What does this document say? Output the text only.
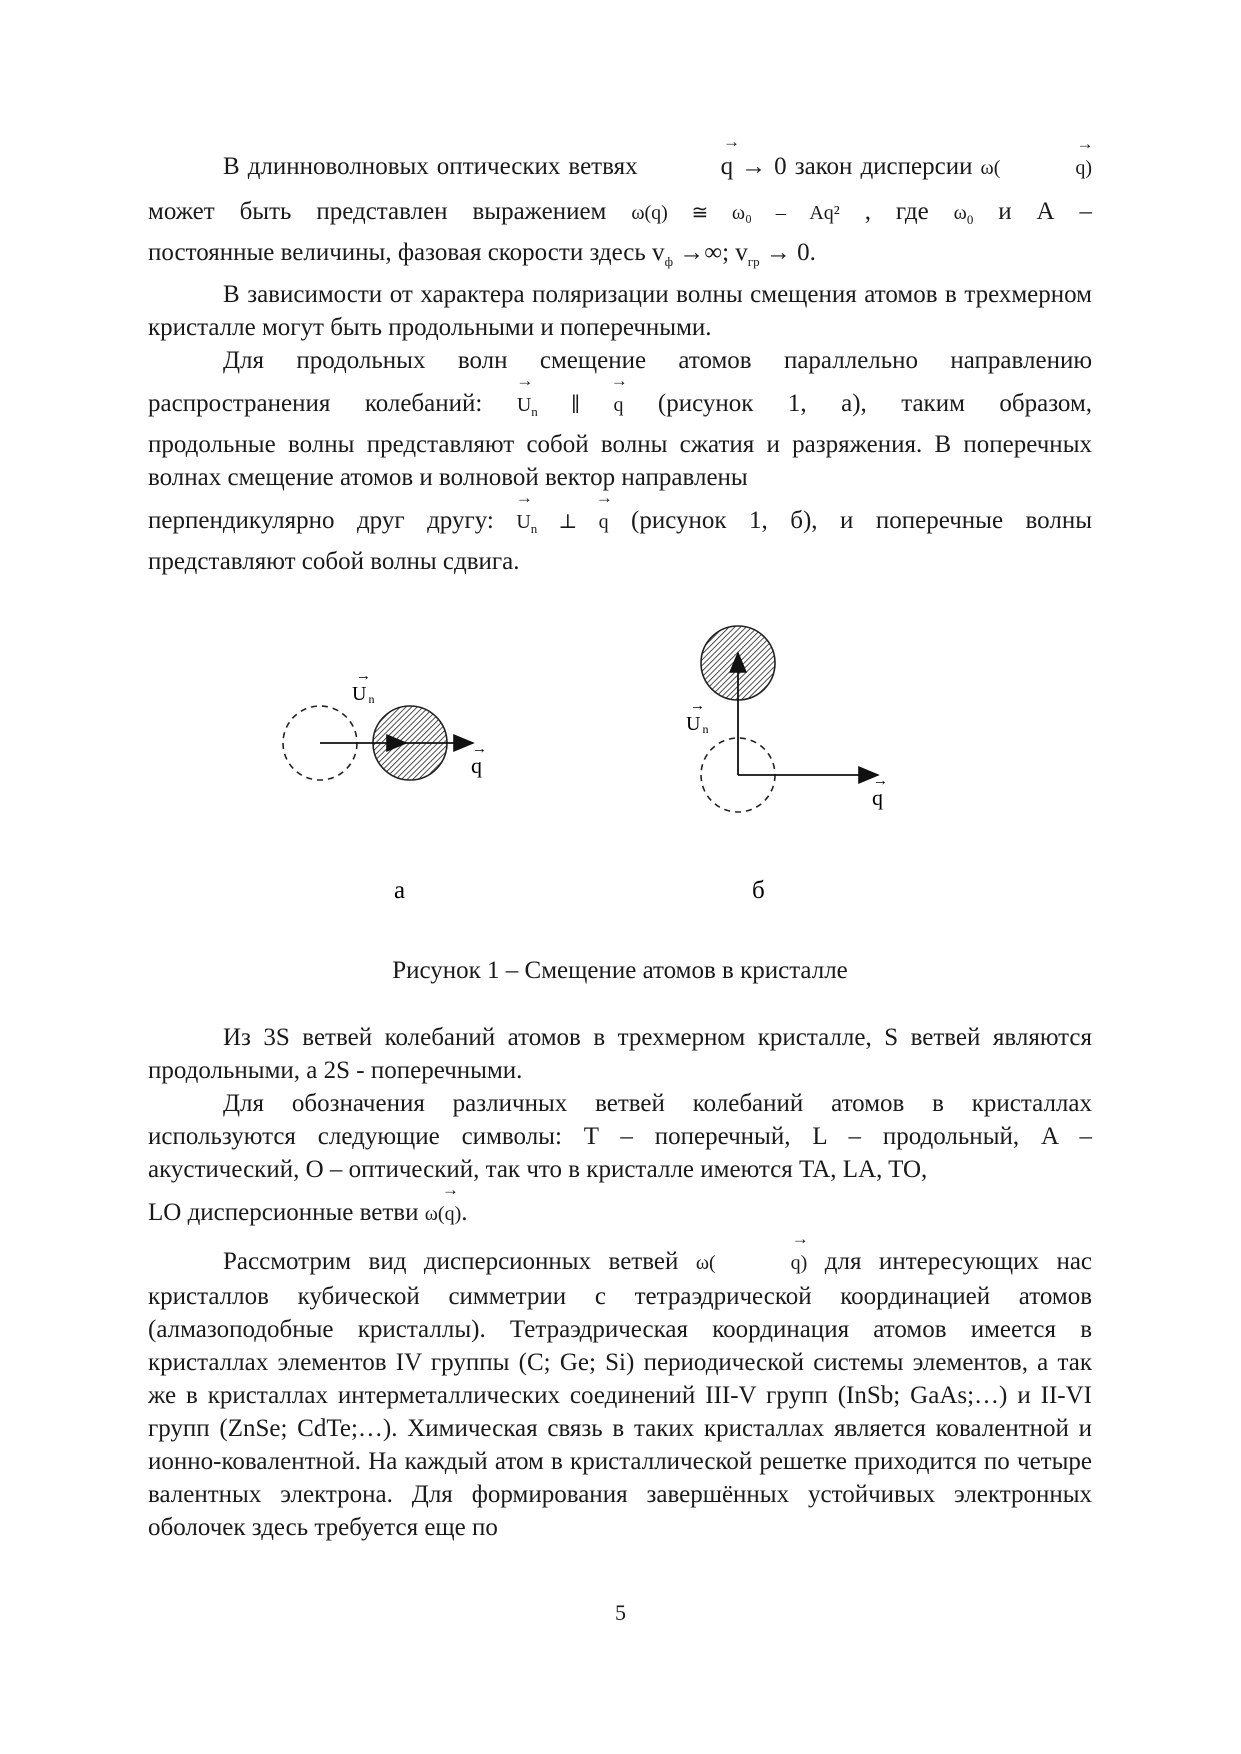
В длинноволновых оптических ветвях	→ q → 0 закон дисперсии ω(	→ q)

может быть представлен выражением ω(q) ≅ ω₀ – Aq² , где $\omega_0$ и А –

постоянные величины, фазовая скорости здесь $v_ф$ →∞; $v_{гр} \to 0$.

В зависимости от характера поляризации волны смещения атомов в трехмерном кристалле могут быть продольными и поперечными.

Для продольных волн смещение атомов параллельно направлению

распространения колебаний: → $U_n$ ∥ → q (рисунок 1, а), таким образом,

продольные волны представляют собой волны сжатия и разряжения. В поперечных волнах смещение атомов и волновой вектор направлены

перпендикулярно друг другу: → $U_n$ ⊥ → q (рисунок 1, б), и поперечные волны

представляют собой волны сдвига.

Un
→
q
→
Un
→
q
→
а	б
Рисунок 1 – Смещение атомов в кристалле

Из 3S ветвей колебаний атомов в трехмерном кристалле, S ветвей являются продольными, а 2S - поперечными.

Для обозначения различных ветвей колебаний атомов в кристаллах используются следующие символы: T – поперечный, L – продольный, A – акустический, O – оптический, так что в кристалле имеются TA, LA, TO,

LO дисперсионные ветви ω(→ q).

Рассмотрим вид дисперсионных ветвей ω(	→ q) для интересующих нас кристаллов кубической симметрии с тетраэдрической координацией атомов (алмазоподобные кристаллы). Тетраэдрическая координация атомов имеется в кристаллах элементов IV группы (C; Ge; Si) периодической системы элементов, а так же в кристаллах интерметаллических соединений III-V групп (InSb; GaAs;…) и II-VI групп (ZnSe; CdTe;…). Химическая связь в таких кристаллах является ковалентной и ионно-ковалентной. На каждый атом в кристаллической решетке приходится по четыре валентных электрона. Для формирования завершённых устойчивых электронных оболочек здесь требуется еще по

5
